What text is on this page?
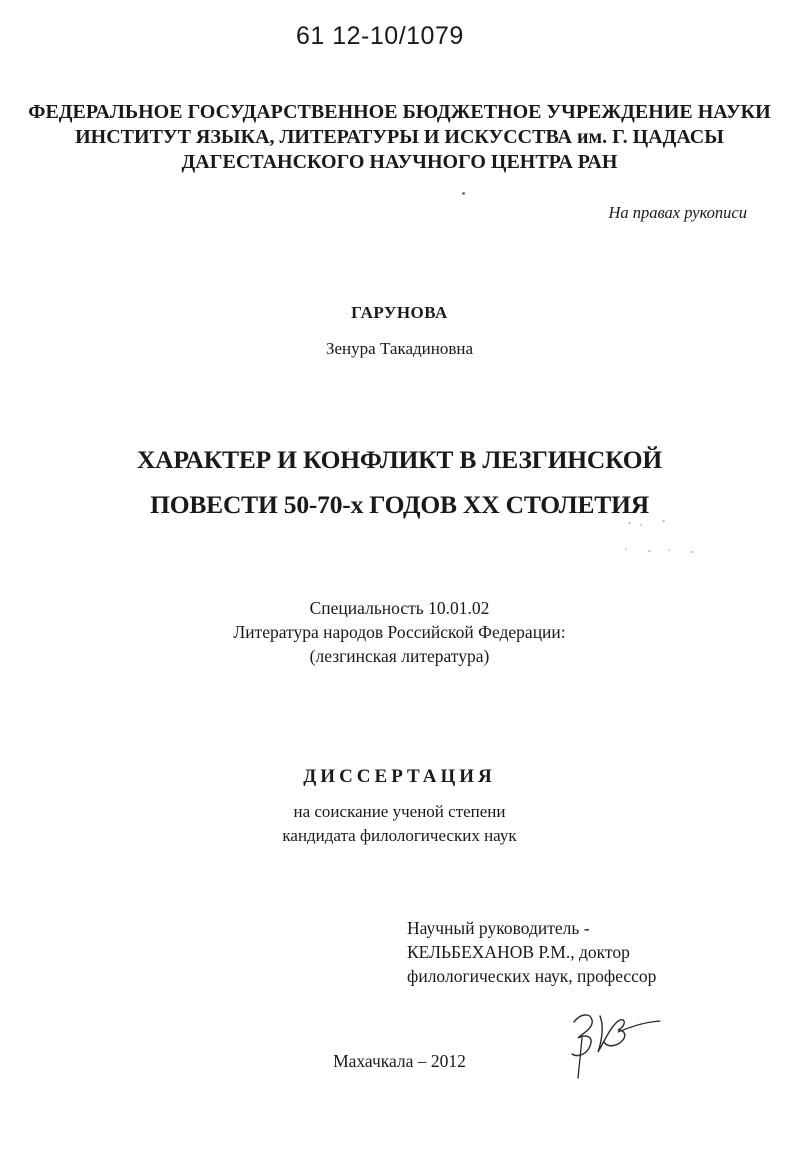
61 12-10/1079
ФЕДЕРАЛЬНОЕ ГОСУДАРСТВЕННОЕ БЮДЖЕТНОЕ УЧРЕЖДЕНИЕ НАУКИ
ИНСТИТУТ ЯЗЫКА, ЛИТЕРАТУРЫ И ИСКУССТВА им. Г. ЦАДАСЫ
ДАГЕСТАНСКОГО НАУЧНОГО ЦЕНТРА РАН
На правах рукописи
ГАРУНОВА
Зенура Такадиновна
ХАРАКТЕР И КОНФЛИКТ В ЛЕЗГИНСКОЙ
ПОВЕСТИ 50-70-х ГОДОВ XX СТОЛЕТИЯ
Специальность 10.01.02
Литература народов Российской Федерации:
(лезгинская литература)
ДИССЕРТАЦИЯ
на соискание ученой степени
кандидата филологических наук
Научный руководитель -
КЕЛЬБЕХАНОВ Р.М., доктор
филологических наук, профессор
Махачкала – 2012
